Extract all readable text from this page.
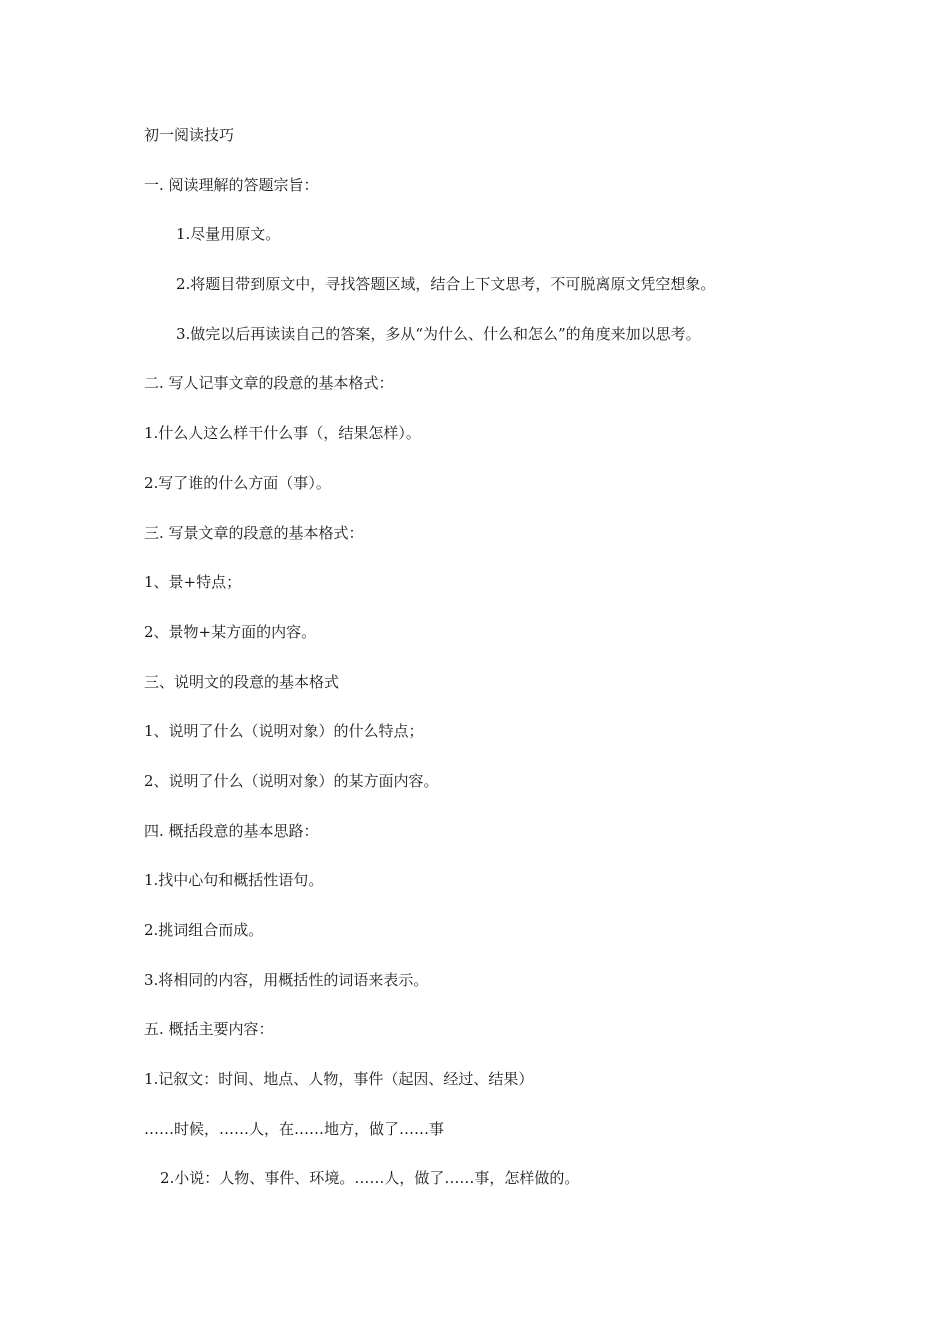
初一阅读技巧
一. 阅读理解的答题宗旨：
1.尽量用原文。
2.将题目带到原文中，寻找答题区域，结合上下文思考，不可脱离原文凭空想象。
3.做完以后再读读自己的答案，多从“为什么、什么和怎么”的角度来加以思考。
二. 写人记事文章的段意的基本格式：
1.什么人这么样干什么事（，结果怎样）。
2.写了谁的什么方面（事）。
三. 写景文章的段意的基本格式：
1、景+特点；
2、景物+某方面的内容。
三、说明文的段意的基本格式
1、说明了什么（说明对象）的什么特点；
2、说明了什么（说明对象）的某方面内容。
四. 概括段意的基本思路：
1.找中心句和概括性语句。
2.挑词组合而成。
3.将相同的内容，用概括性的词语来表示。
五. 概括主要内容：
1.记叙文：时间、地点、人物，事件（起因、经过、结果）
……时候，……人，在……地方，做了……事
2.小说：人物、事件、环境。……人，做了……事，怎样做的。
